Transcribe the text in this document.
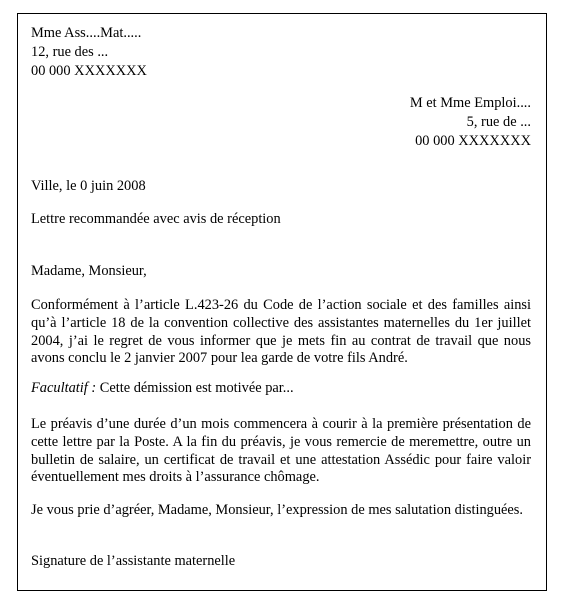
Mme Ass....Mat.....

12, rue des ...

00 000 XXXXXXX

M et Mme Emploi....

5, rue de ...

00 000 XXXXXXX

Ville, le 0 juin 2008
Lettre recommandée avec avis de réception
Madame, Monsieur,

Conformément à l’article L.423-26 du Code de l’action sociale et des familles ainsi qu’à l’article 18 de la convention collective des assistantes maternelles du 1er juillet 2004, j’ai le regret de vous informer que je mets fin au contrat de travail que nous avons conclu le 2 janvier 2007 pour lea garde de votre fils André.

Facultatif : Cette démission est motivée par...

Le préavis d’une durée d’un mois commencera à courir à la première présentation de cette lettre par la Poste. A la fin du préavis, je vous remercie de meremettre, outre un bulletin de salaire, un certificat de travail et une attestation Assédic pour faire valoir éventuellement mes droits à l’assurance chômage.

Je vous prie d’agréer, Madame, Monsieur, l’expression de mes salutation distinguées.
Signature de l’assistante maternelle
